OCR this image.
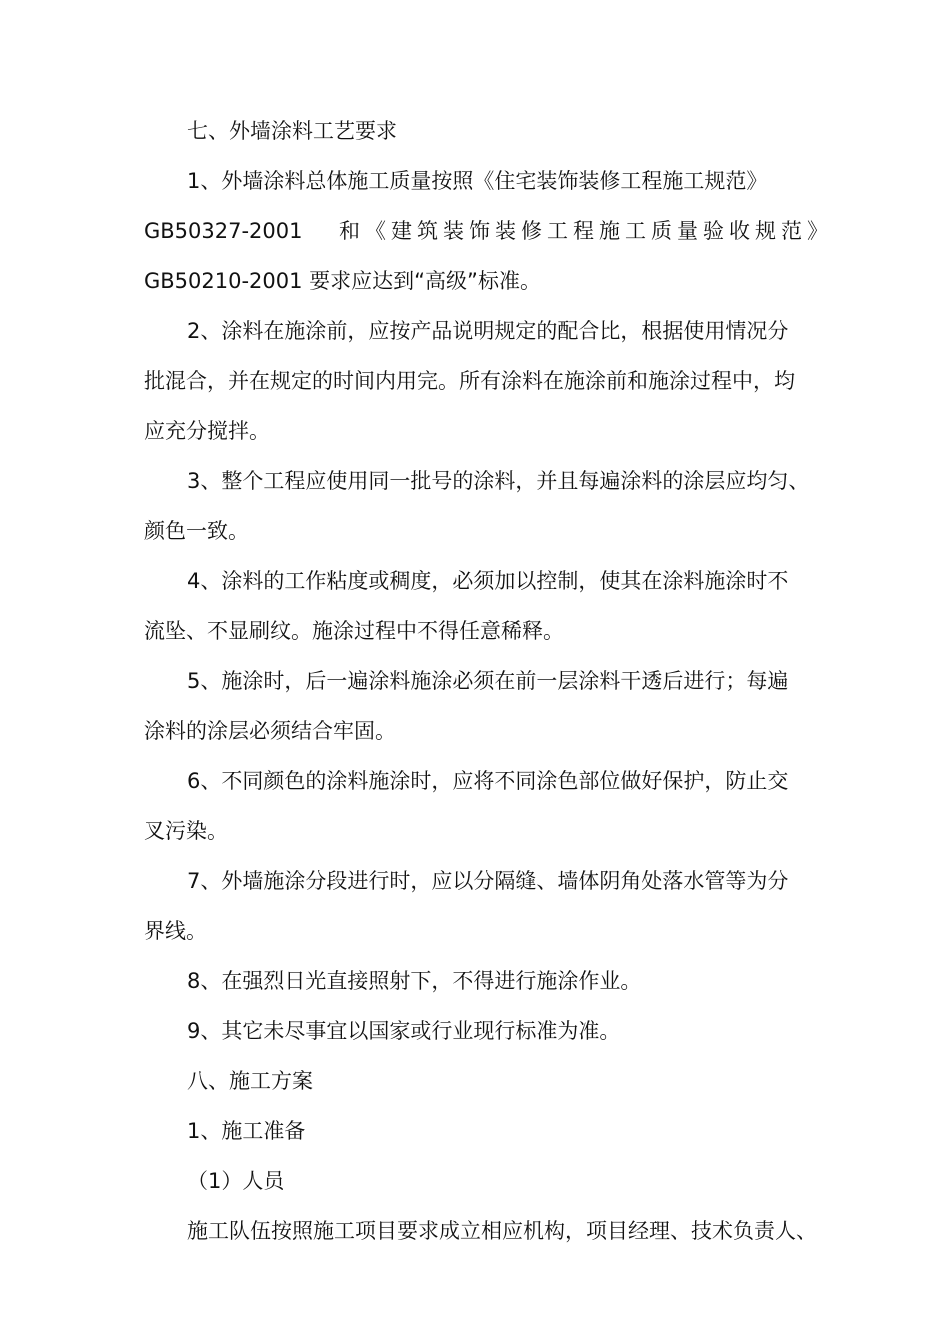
七、外墙涂料工艺要求
1、外墙涂料总体施工质量按照《住宅装饰装修工程施工规范》
GB50327-2001 和《建筑装饰装修工程施工质量验收规范》
GB50210-2001 要求应达到“高级”标准。
2、涂料在施涂前，应按产品说明规定的配合比，根据使用情况分
批混合，并在规定的时间内用完。所有涂料在施涂前和施涂过程中，均
应充分搅拌。
3、整个工程应使用同一批号的涂料，并且每遍涂料的涂层应均匀、
颜色一致。
4、涂料的工作粘度或稠度，必须加以控制，使其在涂料施涂时不
流坠、不显刷纹。施涂过程中不得任意稀释。
5、施涂时，后一遍涂料施涂必须在前一层涂料干透后进行；每遍
涂料的涂层必须结合牢固。
6、不同颜色的涂料施涂时，应将不同涂色部位做好保护，防止交
叉污染。
7、外墙施涂分段进行时，应以分隔缝、墙体阴角处落水管等为分
界线。
8、在强烈日光直接照射下，不得进行施涂作业。
9、其它未尽事宜以国家或行业现行标准为准。
八、施工方案
1、施工准备
（1）人员
施工队伍按照施工项目要求成立相应机构，项目经理、技术负责人、
